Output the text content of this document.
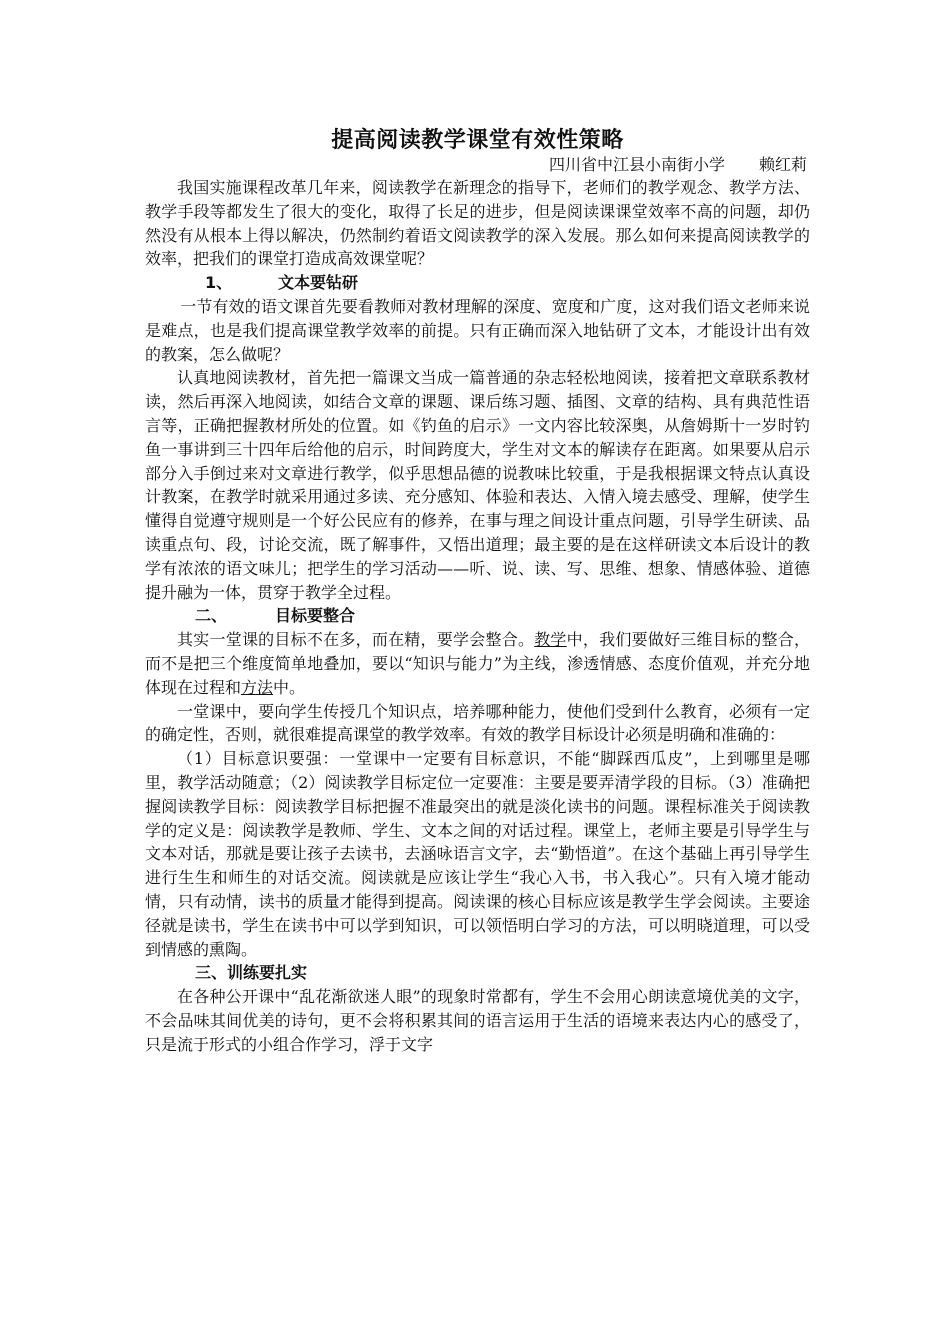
提高阅读教学课堂有效性策略
四川省中江县小南街小学 赖红莉

我国实施课程改革几年来，阅读教学在新理念的指导下，老师们的教学观念、教学方法、教学手段等都发生了很大的变化，取得了长足的进步，但是阅读课课堂效率不高的问题，却仍然没有从根本上得以解决，仍然制约着语文阅读教学的深入发展。那么如何来提高阅读教学的效率，把我们的课堂打造成高效课堂呢？

1、	文本要钻研

一节有效的语文课首先要看教师对教材理解的深度、宽度和广度，这对我们语文老师来说是难点，也是我们提高课堂教学效率的前提。只有正确而深入地钻研了文本，才能设计出有效的教案，怎么做呢？

认真地阅读教材，首先把一篇课文当成一篇普通的杂志轻松地阅读，接着把文章联系教材读，然后再深入地阅读，如结合文章的课题、课后练习题、插图、文章的结构、具有典范性语言等，正确把握教材所处的位置。如《钓鱼的启示》一文内容比较深奥，从詹姆斯十一岁时钓鱼一事讲到三十四年后给他的启示，时间跨度大，学生对文本的解读存在距离。如果要从启示部分入手倒过来对文章进行教学，似乎思想品德的说教味比较重，于是我根据课文特点认真设计教案，在教学时就采用通过多读、充分感知、体验和表达、入情入境去感受、理解，使学生懂得自觉遵守规则是一个好公民应有的修养，在事与理之间设计重点问题，引导学生研读、品读重点句、段，讨论交流，既了解事件，又悟出道理；最主要的是在这样研读文本后设计的教学有浓浓的语文味儿；把学生的学习活动——听、说、读、写、思维、想象、情感体验、道德提升融为一体，贯穿于教学全过程。

二、	目标要整合

其实一堂课的目标不在多，而在精，要学会整合。教学中，我们要做好三维目标的整合，而不是把三个维度简单地叠加，要以“知识与能力”为主线，渗透情感、态度价值观，并充分地体现在过程和方法中。

一堂课中，要向学生传授几个知识点，培养哪种能力，使他们受到什么教育，必须有一定的确定性，否则，就很难提高课堂的教学效率。有效的教学目标设计必须是明确和准确的：

（1）目标意识要强：一堂课中一定要有目标意识，不能“脚踩西瓜皮”，上到哪里是哪里，教学活动随意；（2）阅读教学目标定位一定要准：主要是要弄清学段的目标。（3）准确把握阅读教学目标：阅读教学目标把握不准最突出的就是淡化读书的问题。课程标准关于阅读教学的定义是：阅读教学是教师、学生、文本之间的对话过程。课堂上，老师主要是引导学生与文本对话，那就是要让孩子去读书，去涵咏语言文字，去“勤悟道”。在这个基础上再引导学生进行生生和师生的对话交流。阅读就是应该让学生“我心入书，书入我心”。只有入境才能动情，只有动情，读书的质量才能得到提高。阅读课的核心目标应该是教学生学会阅读。主要途径就是读书，学生在读书中可以学到知识，可以领悟明白学习的方法，可以明晓道理，可以受到情感的熏陶。

三、训练要扎实

在各种公开课中“乱花渐欲迷人眼”的现象时常都有，学生不会用心朗读意境优美的文字，不会品味其间优美的诗句，更不会将积累其间的语言运用于生活的语境来表达内心的感受了，只是流于形式的小组合作学习，浮于文字
